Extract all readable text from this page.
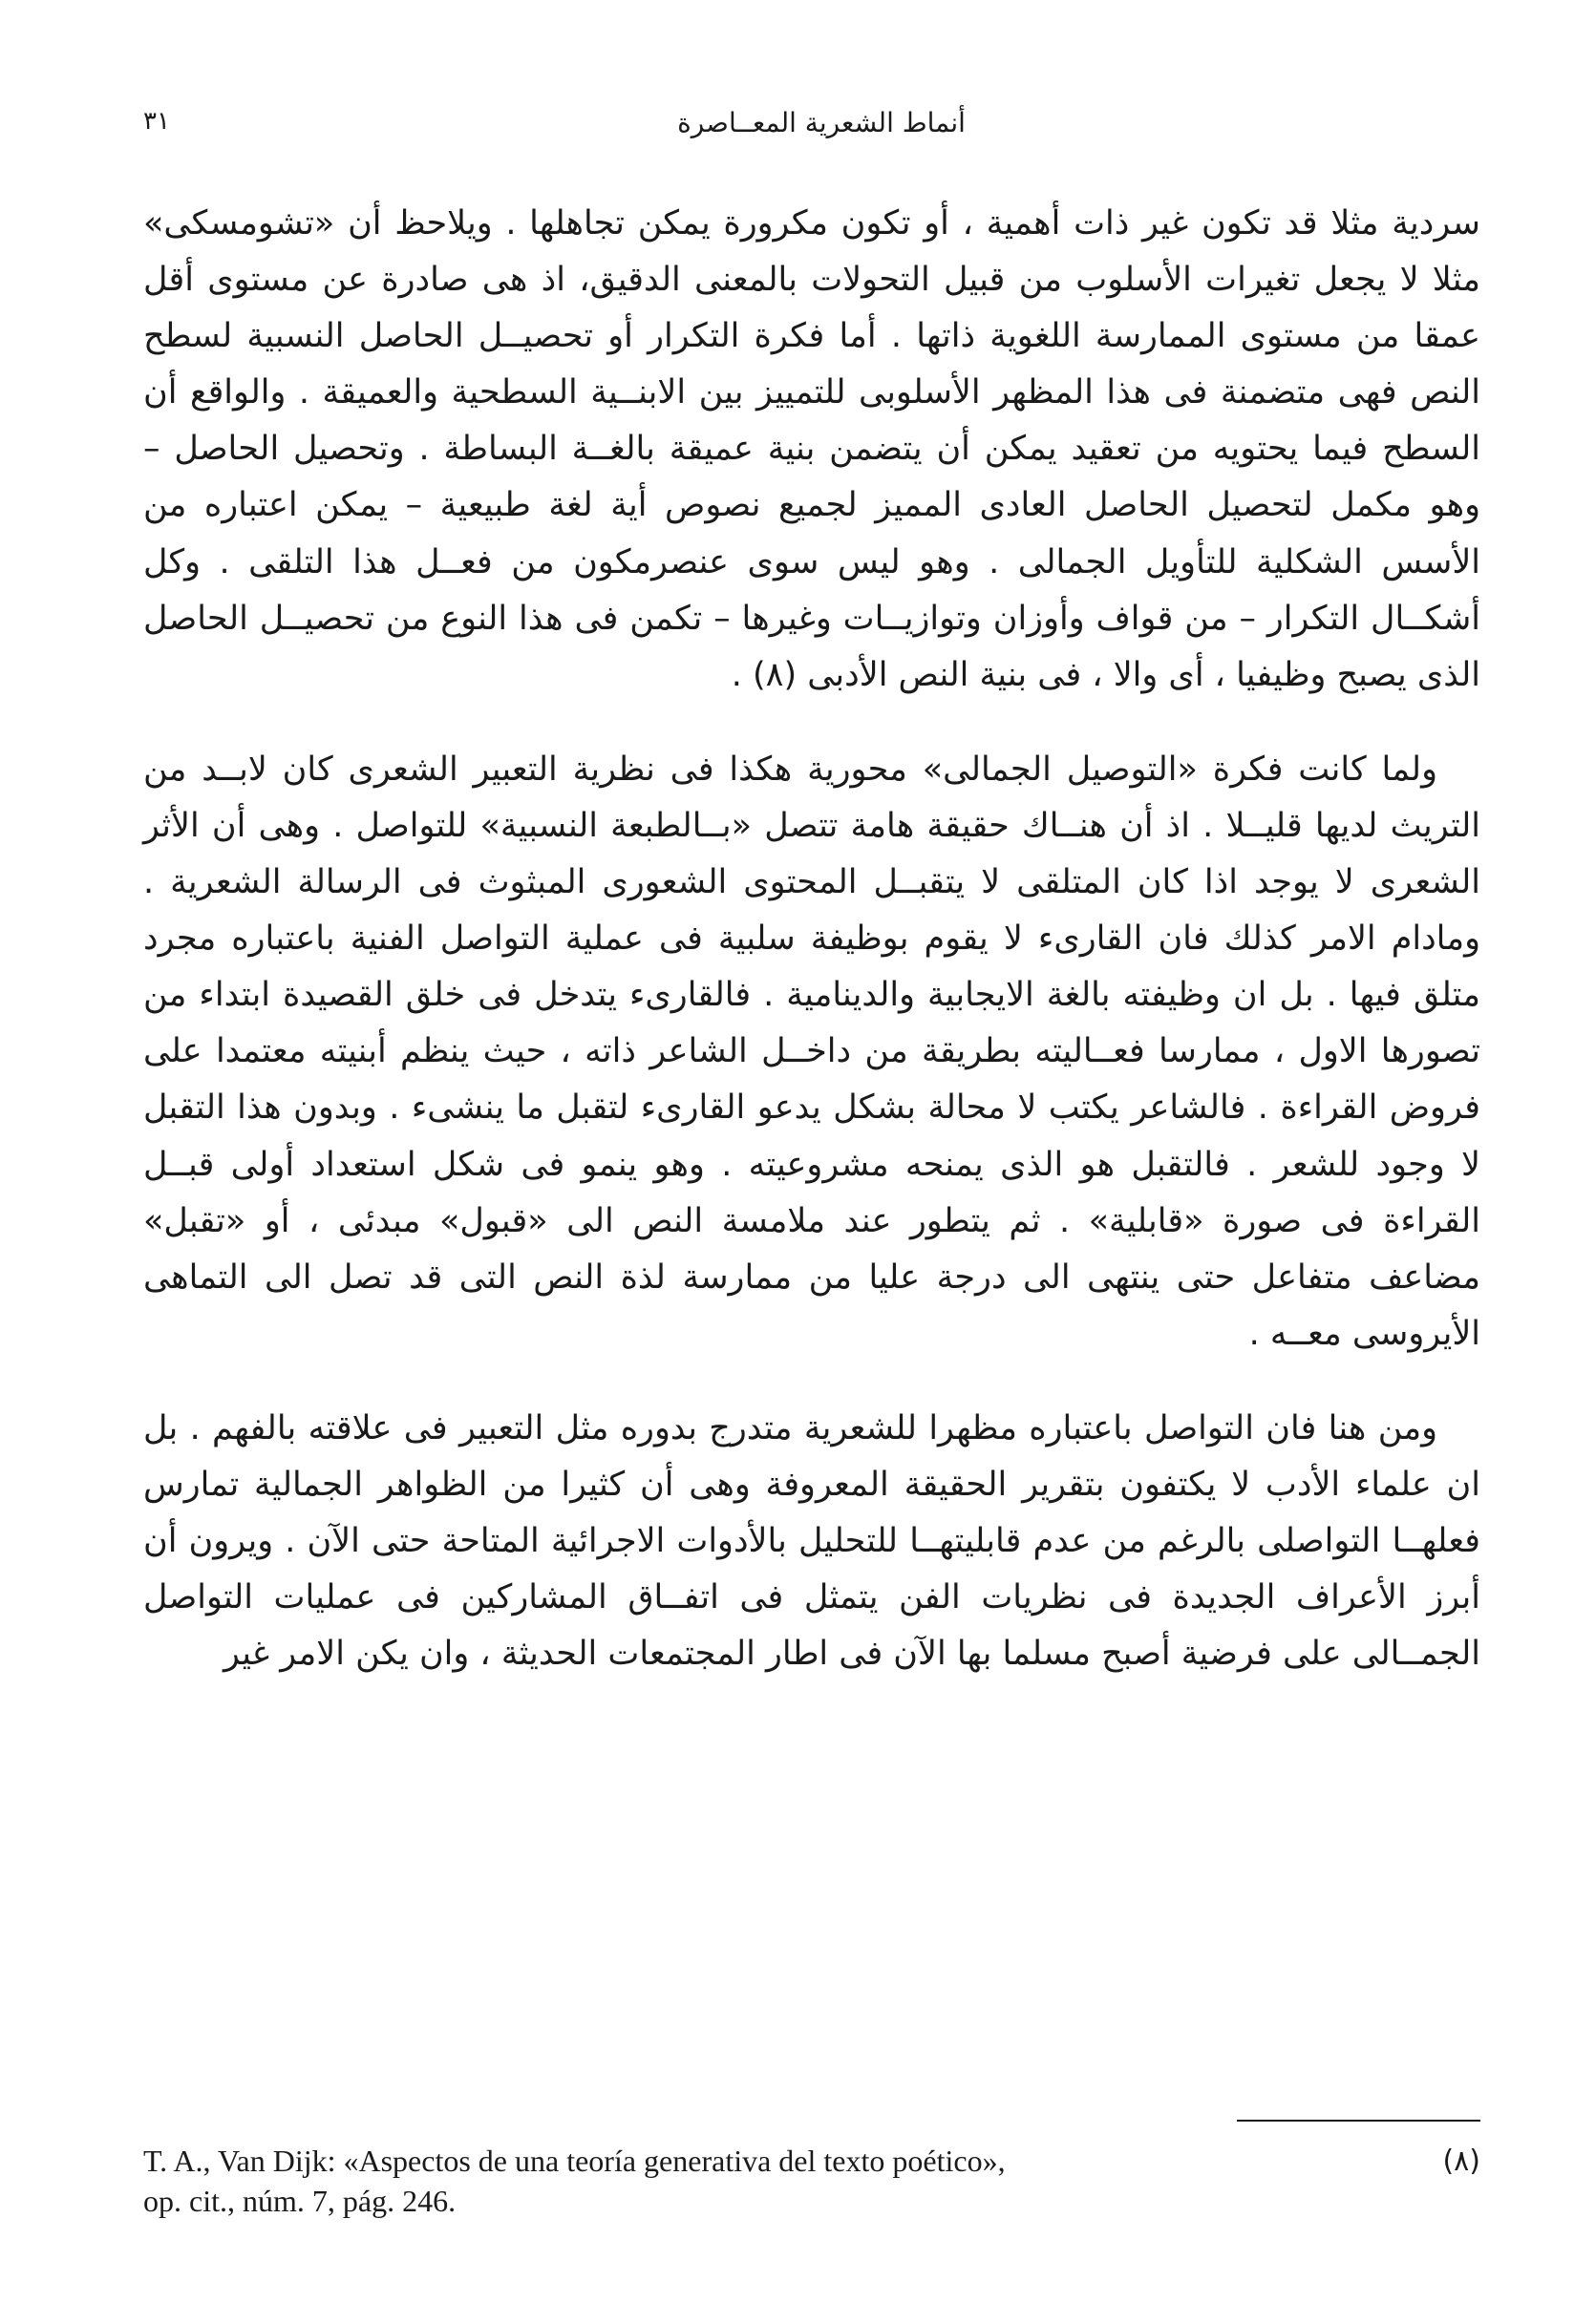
أنماط الشعرية المعــاصرة
٣١

سردية مثلا قد تكون غير ذات أهمية ، أو تكون مكرورة يمكن تجاهلها . ويلاحظ أن «تشومسكى» مثلا لا يجعل تغيرات الأسلوب من قبيل التحولات بالمعنى الدقيق، اذ هى صادرة عن مستوى أقل عمقا من مستوى الممارسة اللغوية ذاتها . أما فكرة التكرار أو تحصيــل الحاصل النسبية لسطح النص فهى متضمنة فى هذا المظهر الأسلوبى للتمييز بين الابنــية السطحية والعميقة . والواقع أن السطح فيما يحتويه من تعقيد يمكن أن يتضمن بنية عميقة بالغــة البساطة . وتحصيل الحاصل – وهو مكمل لتحصيل الحاصل العادى المميز لجميع نصوص أية لغة طبيعية – يمكن اعتباره من الأسس الشكلية للتأويل الجمالى . وهو ليس سوى عنصرمكون من فعــل هذا التلقى . وكل أشكــال التكرار – من قواف وأوزان وتوازيــات وغيرها – تكمن فى هذا النوع من تحصيــل الحاصل الذى يصبح وظيفيا ، أى والا ، فى بنية النص الأدبى (٨) .

ولما كانت فكرة «التوصيل الجمالى» محورية هكذا فى نظرية التعبير الشعرى كان لابــد من التريث لديها قليــلا . اذ أن هنــاك حقيقة هامة تتصل «بــالطبعة النسبية» للتواصل . وهى أن الأثر الشعرى لا يوجد اذا كان المتلقى لا يتقبــل المحتوى الشعورى المبثوث فى الرسالة الشعرية . ومادام الامر كذلك فان القارىء لا يقوم بوظيفة سلبية فى عملية التواصل الفنية باعتباره مجرد متلق فيها . بل ان وظيفته بالغة الايجابية والدينامية . فالقارىء يتدخل فى خلق القصيدة ابتداء من تصورها الاول ، ممارسا فعــاليته بطريقة من داخــل الشاعر ذاته ، حيث ينظم أبنيته معتمدا على فروض القراءة . فالشاعر يكتب لا محالة بشكل يدعو القارىء لتقبل ما ينشىء . وبدون هذا التقبل لا وجود للشعر . فالتقبل هو الذى يمنحه مشروعيته . وهو ينمو فى شكل استعداد أولى قبــل القراءة فى صورة «قابلية» . ثم يتطور عند ملامسة النص الى «قبول» مبدئى ، أو «تقبل» مضاعف متفاعل حتى ينتهى الى درجة عليا من ممارسة لذة النص التى قد تصل الى التماهى الأيروسى معــه .

ومن هنا فان التواصل باعتباره مظهرا للشعرية متدرج بدوره مثل التعبير فى علاقته بالفهم . بل ان علماء الأدب لا يكتفون بتقرير الحقيقة المعروفة وهى أن كثيرا من الظواهر الجمالية تمارس فعلهــا التواصلى بالرغم من عدم قابليتهــا للتحليل بالأدوات الاجرائية المتاحة حتى الآن . ويرون أن أبرز الأعراف الجديدة فى نظريات الفن يتمثل فى اتفــاق المشاركين فى عمليات التواصل الجمــالى على فرضية أصبح مسلما بها الآن فى اطار المجتمعات الحديثة ، وان يكن الامر غير

(٨)
T. A., Van Dijk: «Aspectos de una teoría generativa del texto poético»,
op. cit., núm. 7, pág. 246.
